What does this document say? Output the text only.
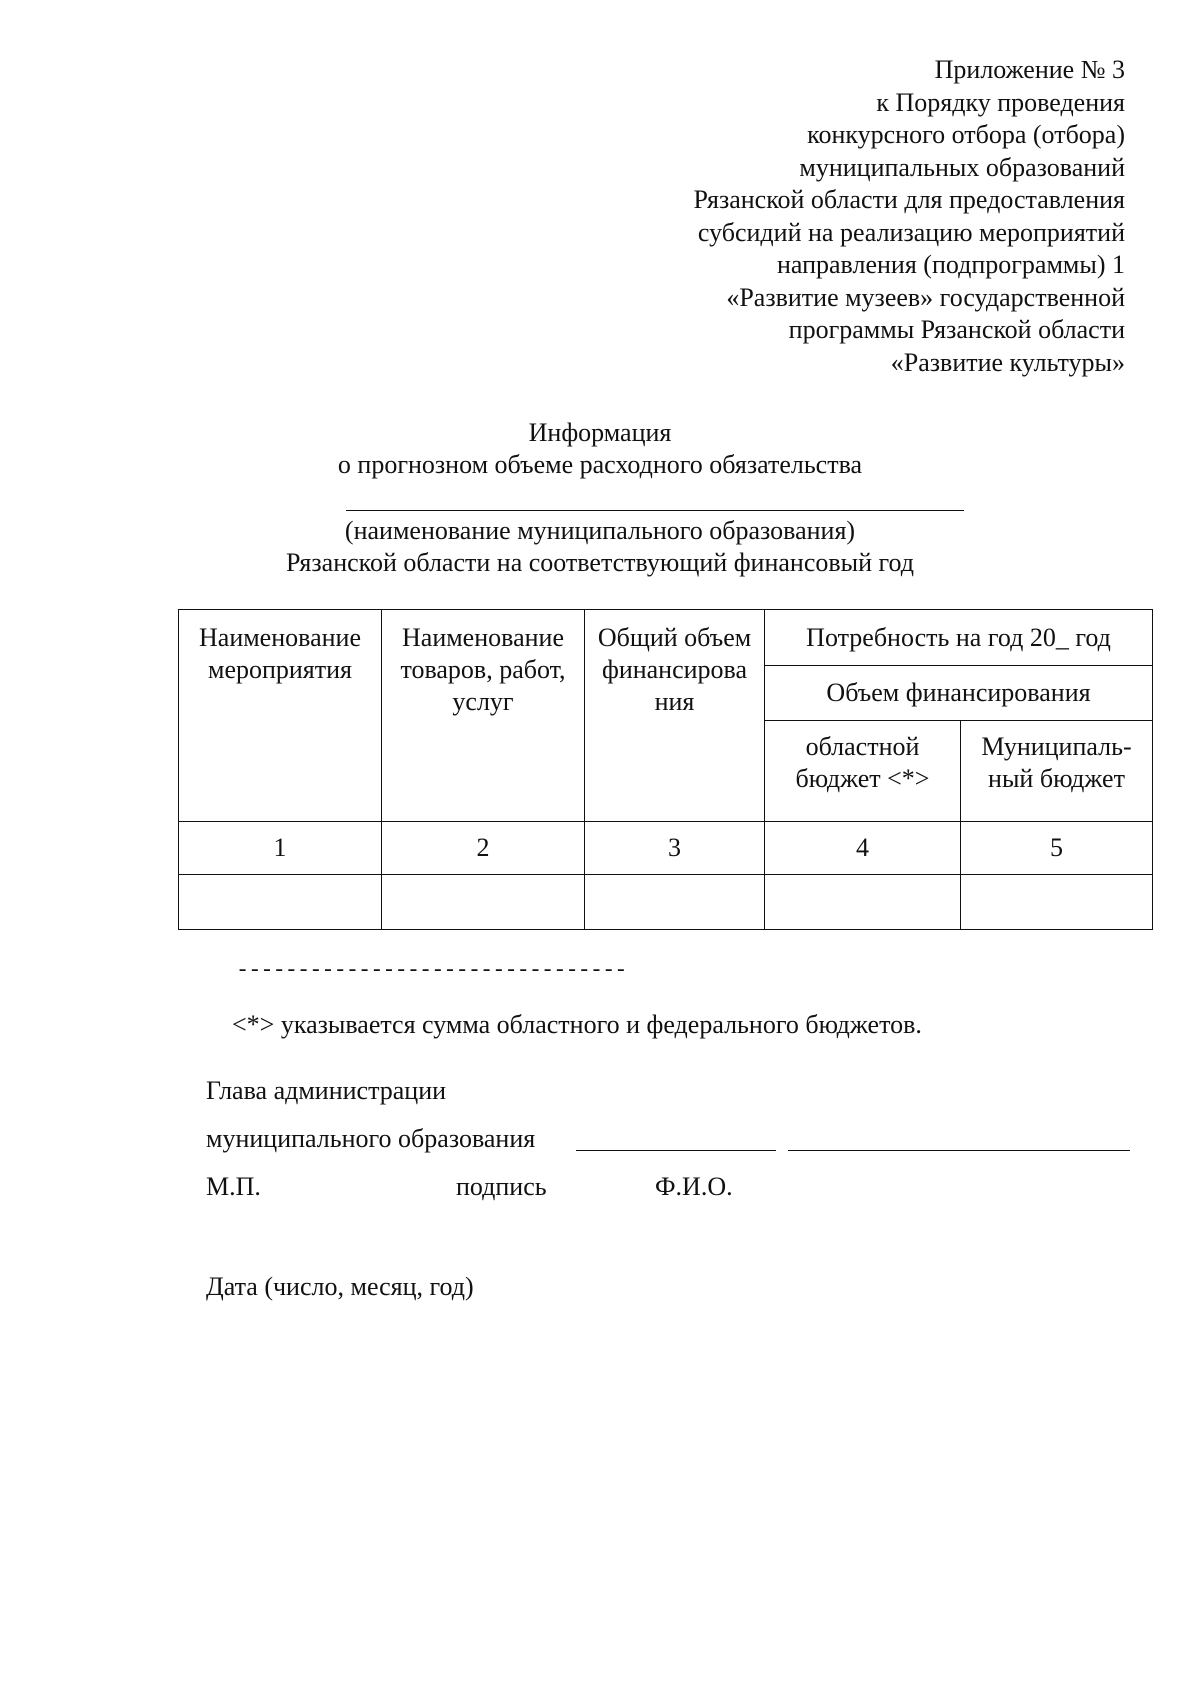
Приложение № 3
к Порядку проведения
конкурсного отбора (отбора)
муниципальных образований
Рязанской области для предоставления
субсидий на реализацию мероприятий
направления (подпрограммы) 1
«Развитие музеев» государственной
программы Рязанской области
«Развитие культуры»
Информация
о прогнозном объеме расходного обязательства
(наименование муниципального образования)
Рязанской области на соответствующий финансовый год
Наименование мероприятия	Наименование товаров, работ, услуг	Общий объем финансирова ния	Потребность на год 20_ год	
			Объем финансирования	
			областной бюджет <*>	Муниципаль-ный бюджет
1	2	3	4	5

--------------------------------
<*> указывается сумма областного и федерального бюджетов.
Глава администрации
муниципального образования
М.П.	подпись	Ф.И.О.
Дата (число, месяц, год)
